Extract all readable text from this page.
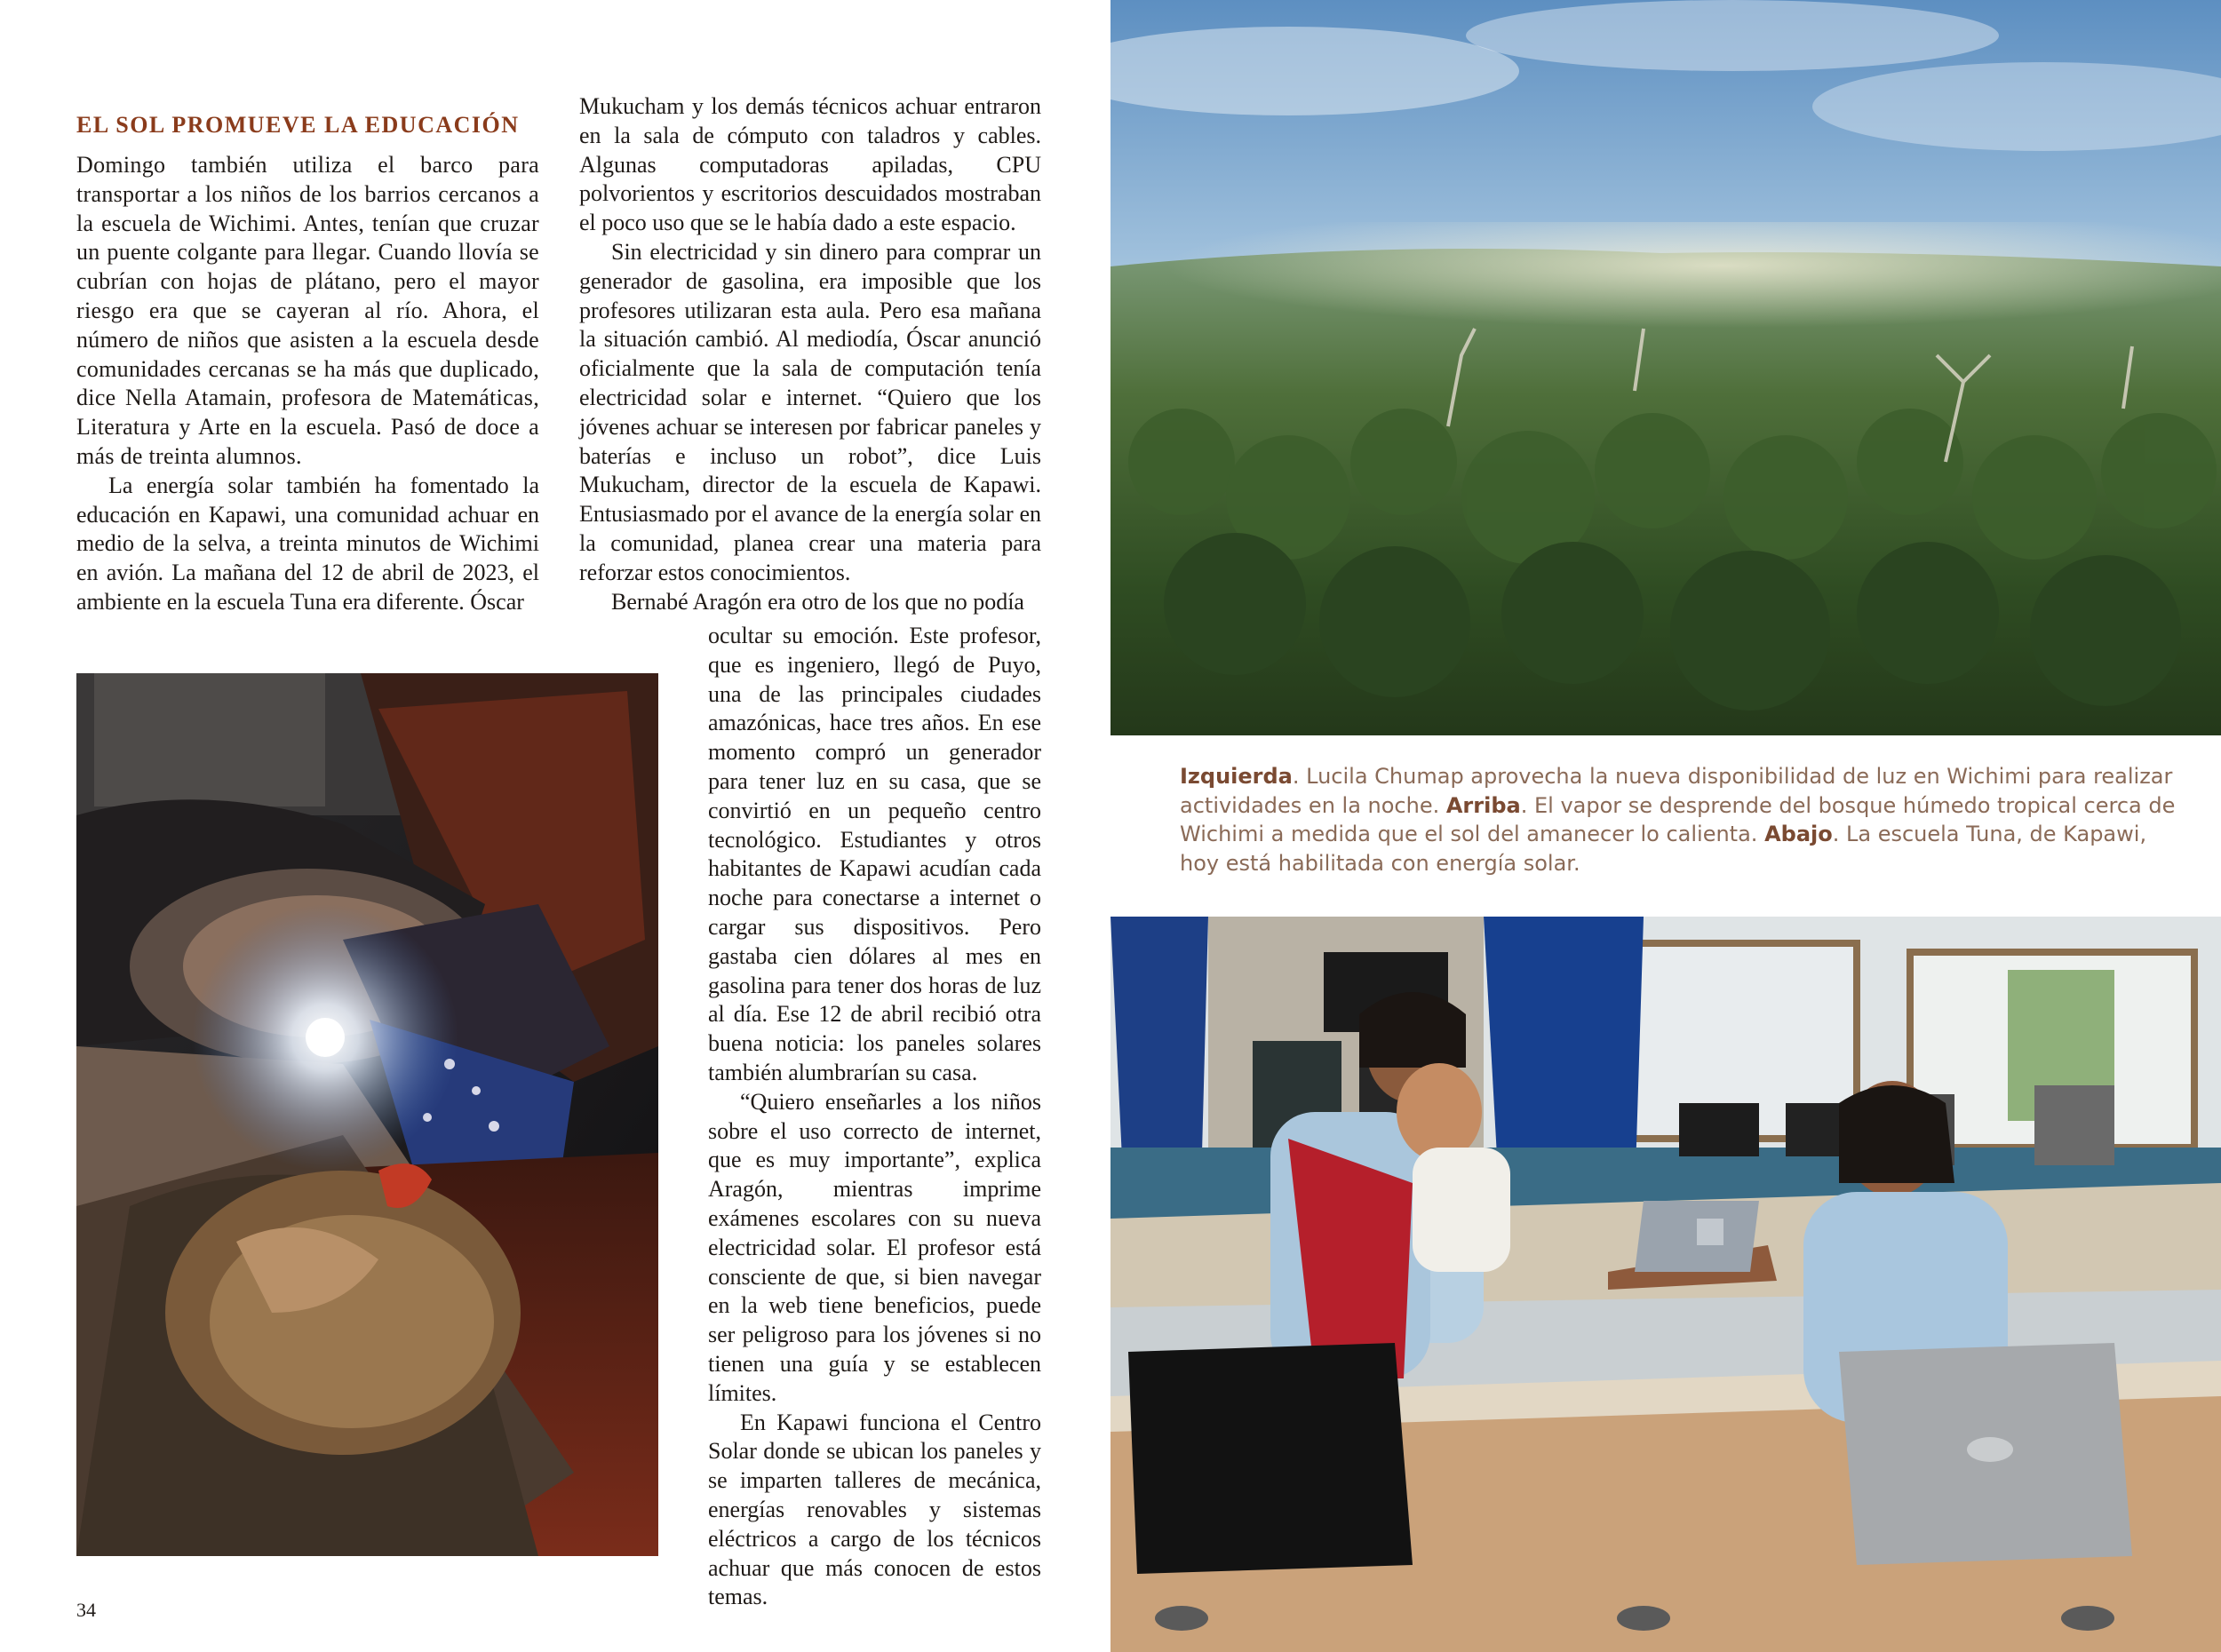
EL SOL PROMUEVE LA EDUCACIÓN

Domingo también utiliza el barco para transportar a los niños de los barrios cercanos a la escuela de Wichimi. Antes, tenían que cruzar un puente colgante para llegar. Cuando llovía se cubrían con hojas de plátano, pero el mayor riesgo era que se cayeran al río. Ahora, el número de niños que asisten a la escuela desde comunidades cercanas se ha más que duplicado, dice Nella Atamain, profesora de Matemáticas, Literatura y Arte en la escuela. Pasó de doce a más de treinta alumnos.

La energía solar también ha fomentado la educación en Kapawi, una comunidad achuar en medio de la selva, a treinta minutos de Wichimi en avión. La mañana del 12 de abril de 2023, el ambiente en la escuela Tuna era diferente. Óscar

Mukucham y los demás técnicos achuar entraron en la sala de cómputo con taladros y cables. Algunas computadoras apiladas, CPU polvorientos y escritorios descuidados mostraban el poco uso que se le había dado a este espacio.

Sin electricidad y sin dinero para comprar un generador de gasolina, era imposible que los profesores utilizaran esta aula. Pero esa mañana la situación cambió. Al mediodía, Óscar anunció oficialmente que la sala de computación tenía electricidad solar e internet. “Quiero que los jóvenes achuar se interesen por fabricar paneles y baterías e incluso un robot”, dice Luis Mukucham, director de la escuela de Kapawi. Entusiasmado por el avance de la energía solar en la comunidad, planea crear una materia para reforzar estos conocimientos.

Bernabé Aragón era otro de los que no podía

ocultar su emoción. Este profesor, que es ingeniero, llegó de Puyo, una de las principales ciudades amazónicas, hace tres años. En ese momento compró un generador para tener luz en su casa, que se convirtió en un pequeño centro tecnológico. Estudiantes y otros habitantes de Kapawi acudían cada noche para conectarse a internet o cargar sus dispositivos. Pero gastaba cien dólares al mes en gasolina para tener dos horas de luz al día. Ese 12 de abril recibió otra buena noticia: los paneles solares también alumbrarían su casa.

“Quiero enseñarles a los niños sobre el uso correcto de internet, que es muy importante”, explica Aragón, mientras imprime exámenes escolares con su nueva electricidad solar. El profesor está consciente de que, si bien navegar en la web tiene beneficios, puede ser peligroso para los jóvenes si no tienen una guía y se establecen límites.

En Kapawi funciona el Centro Solar donde se ubican los paneles y se imparten talleres de mecánica, energías renovables y sistemas eléctricos a cargo de los técnicos achuar que más conocen de estos temas.

Izquierda. Lucila Chumap aprovecha la nueva disponibilidad de luz en Wichimi para realizar actividades en la noche. Arriba. El vapor se desprende del bosque húmedo tropical cerca de Wichimi a medida que el sol del amanecer lo calienta. Abajo. La escuela Tuna, de Kapawi, hoy está habilitada con energía solar.
34
